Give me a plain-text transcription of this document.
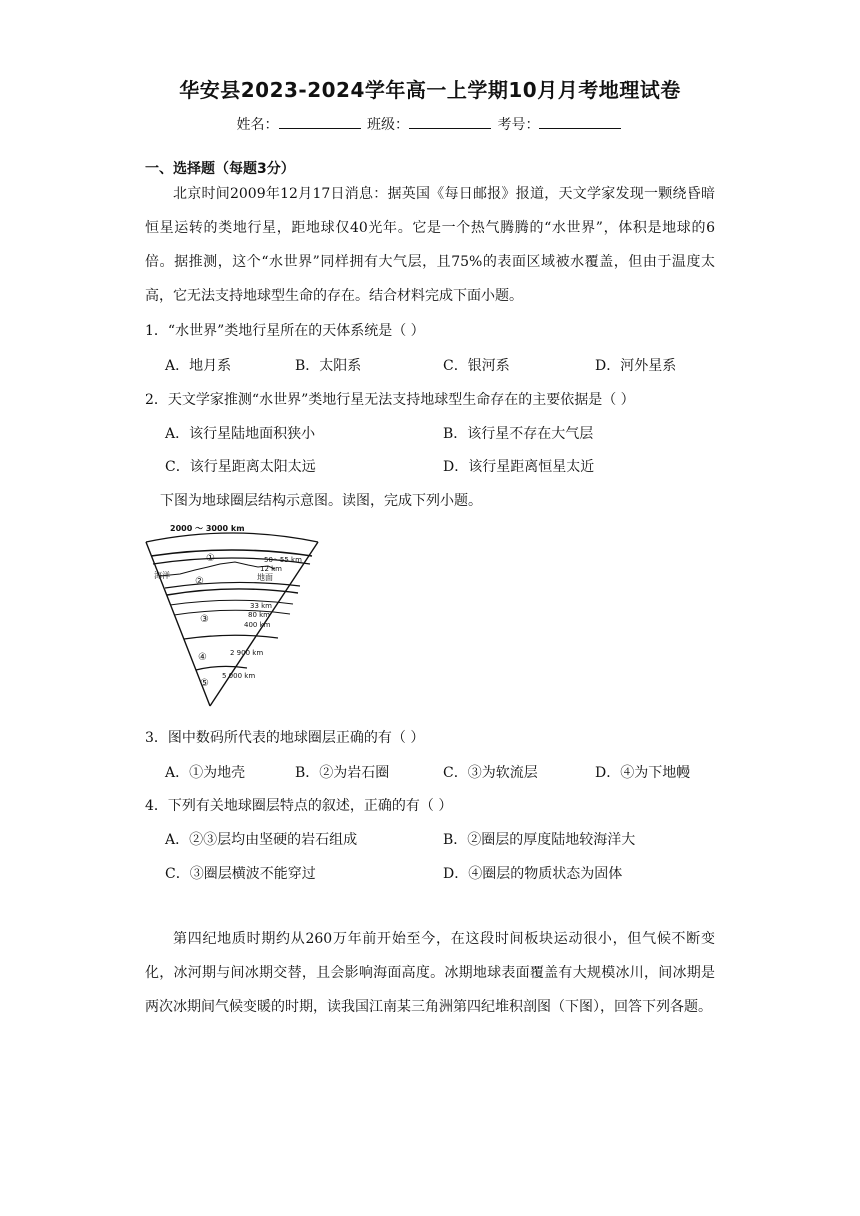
华安县2023-2024学年高一上学期10月月考地理试卷
姓名：	班级：	考号：
一、选择题（每题3分）
北京时间2009年12月17日消息：据英国《每日邮报》报道，天文学家发现一颗绕昏暗恒星运转的类地行星，距地球仅40光年。它是一个热气腾腾的“水世界”，体积是地球的6倍。据推测，这个“水世界”同样拥有大气层，且75%的表面区域被水覆盖，但由于温度太高，它无法支持地球型生命的存在。结合材料完成下面小题。
1．“水世界”类地行星所在的天体系统是（ ）
A．地月系	B．太阳系	C．银河系	D．河外星系
2．天文学家推测“水世界”类地行星无法支持地球型生命存在的主要依据是（ ）
A．该行星陆地面积狭小	B．该行星不存在大气层
C．该行星距离太阳太远	D．该行星距离恒星太近
下图为地球圈层结构示意图。读图，完成下列小题。
2000 ～ 3000 km
50～55 km
12 km
地面
海洋
33 km
80 km
400 km
2 900 km
5 000 km
①
②
③
④
⑤
3．图中数码所代表的地球圈层正确的有（ ）
A．①为地壳	B．②为岩石圈	C．③为软流层	D．④为下地幔
4．下列有关地球圈层特点的叙述，正确的有（ ）
A．②③层均由坚硬的岩石组成	B．②圈层的厚度陆地较海洋大
C．③圈层横波不能穿过	D．④圈层的物质状态为固体
第四纪地质时期约从260万年前开始至今，在这段时间板块运动很小，但气候不断变化，冰河期与间冰期交替，且会影响海面高度。冰期地球表面覆盖有大规模冰川，间冰期是两次冰期间气候变暖的时期，读我国江南某三角洲第四纪堆积剖图（下图），回答下列各题。
